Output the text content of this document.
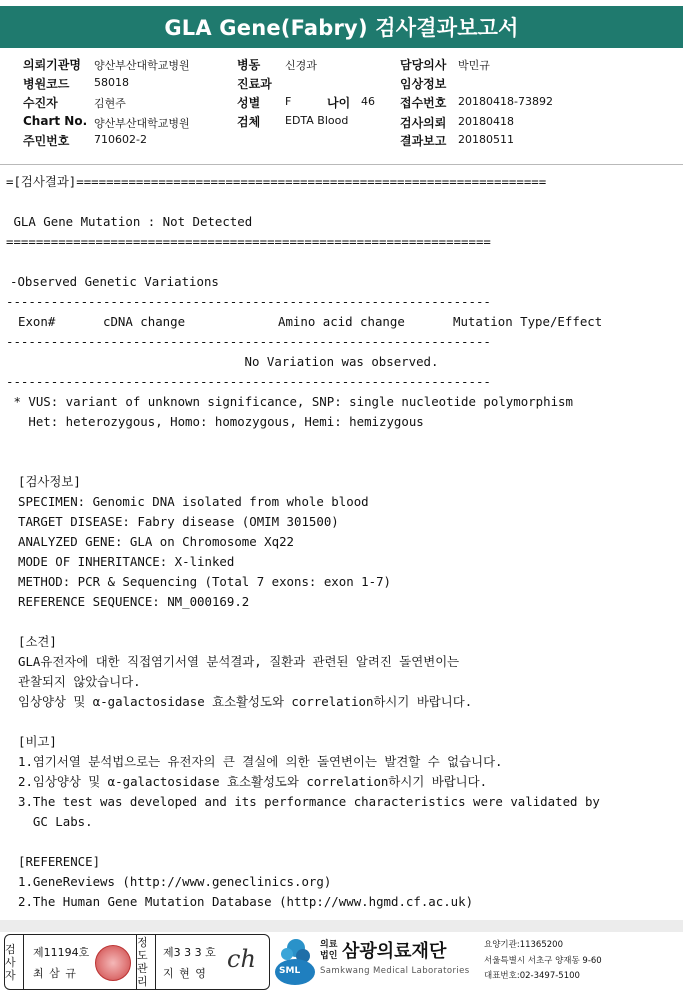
GLA Gene(Fabry) 검사결과보고서
의뢰기관명 양산부산대학교병원
병원코드 58018
수진자	김현주
Chart No. 양산부산대학교병원
주민번호 710602-2
병동 신경과
진료과
성별 F	나이 46
검체 EDTA Blood
담당의사 박민규
임상정보
접수번호 20180418-73892
검사의뢰 20180418
결과보고 20180511
=[검사결과]===============================================================
GLA Gene Mutation : Not Detected
=================================================================
-Observed Genetic Variations
-----------------------------------------------------------------
Exon#	cDNA change	Amino acid change	Mutation Type/Effect
-----------------------------------------------------------------
No Variation was observed.
-----------------------------------------------------------------
* VUS: variant of unknown significance, SNP: single nucleotide polymorphism
Het: heterozygous, Homo: homozygous, Hemi: hemizygous
[검사정보]
SPECIMEN: Genomic DNA isolated from whole blood
TARGET DISEASE: Fabry disease (OMIM 301500)
ANALYZED GENE: GLA on Chromosome Xq22
MODE OF INHERITANCE: X-linked
METHOD: PCR & Sequencing (Total 7 exons: exon 1-7)
REFERENCE SEQUENCE: NM_000169.2
[소견]
GLA유전자에 대한 직접염기서열 분석결과, 질환과 관련된 알려진 돌연변이는
관찰되지 않았습니다.
임상양상 및 α-galactosidase 효소활성도와 correlation하시기 바랍니다.
[비고]
1.염기서열 분석법으로는 유전자의 큰 결실에 의한 돌연변이는 발견할 수 없습니다.
2.임상양상 및 α-galactosidase 효소활성도와 correlation하시기 바랍니다.
3.The test was developed and its performance characteristics were validated by
GC Labs.
[REFERENCE]
1.GeneReviews (http://www.geneclinics.org)
2.The Human Gene Mutation Database (http://www.hgmd.cf.ac.uk)
검사자
제11194호
최 삼 규
정도관리
제3 3 3 호
지 현 영
ch	SML
의료
법인 삼광의료재단
Samkwang Medical Laboratories
요양기관:11365200
서울특별시 서초구 양재동 9-60
대표번호:02-3497-5100
